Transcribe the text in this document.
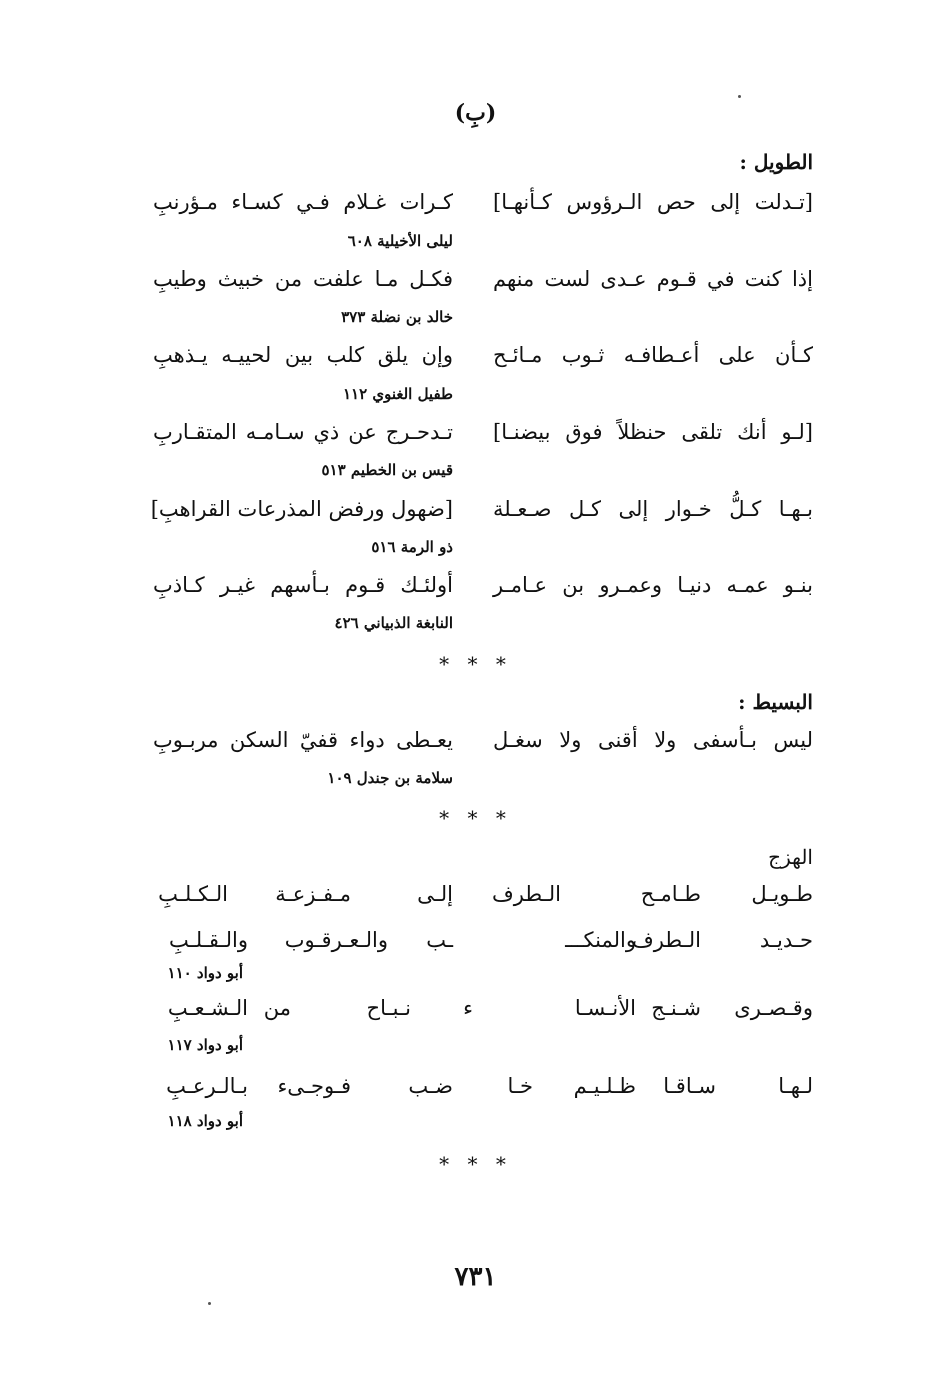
(بِ)
الطويل :
[تـدلت إلى حص الـرؤوس كـأنهـا]
كـرات غـلام فـي كسـاء مـؤرنبِ
ليلى الأخيلية ٦٠٨
إذا كنت في قـوم عـدى لست منهم
فكـل مـا علفت من خبيث وطيبِ
خالد بن نضلة ٣٧٣
كـأن على أعـطافـه ثـوب مـائـح
وإن يلق كلب بين لحييـه يـذهبِ
طفيل الغنوي ١١٢
[لـو أنك تلقى حنظلاً فوق بيضنـا]
تـدحـرج عن ذي سـامـه المتقـاربِ
قيس بن الخطيم ٥١٣
بـهـا كـلُّ خـوار إلى كـل صـعـلة
[ضهول ورفض المذرعات القراهبِ]
ذو الرمة ٥١٦
بنـو عمـه دنيـا وعمـرو بن عـامـر
أولئـك قـوم بـأسهم غيـر كـاذبِ
النابغة الذبياني ٤٢٦
* * *
البسيط :
ليس بـأسفى ولا أقنى ولا سغـل
يعـطى دواء قفيّ السكن مربـوبِ
سلامة بن جندل ١٠٩
* * *
الهزج
طـويـل
طـامـح
الـطرف
إلـى
مـفـزعـة
الـكـلـبِ
حـديـد
الـطرف
والمنكـــ
ـب
والـعـرقـوب
والـقـلـبِ
أبو دواد ١١٠
وقـصـرى
شـنـج
الأنـسـا
ء
نـبـاح
من
الـشـعـبِ
أبو دواد ١١٧
لـهـا
سـاقـا
ظـلـيـم
خـا
ضـب
فـوجـىء
بـالـرعـبِ
أبو دواد ١١٨
* * *
٧٣١
